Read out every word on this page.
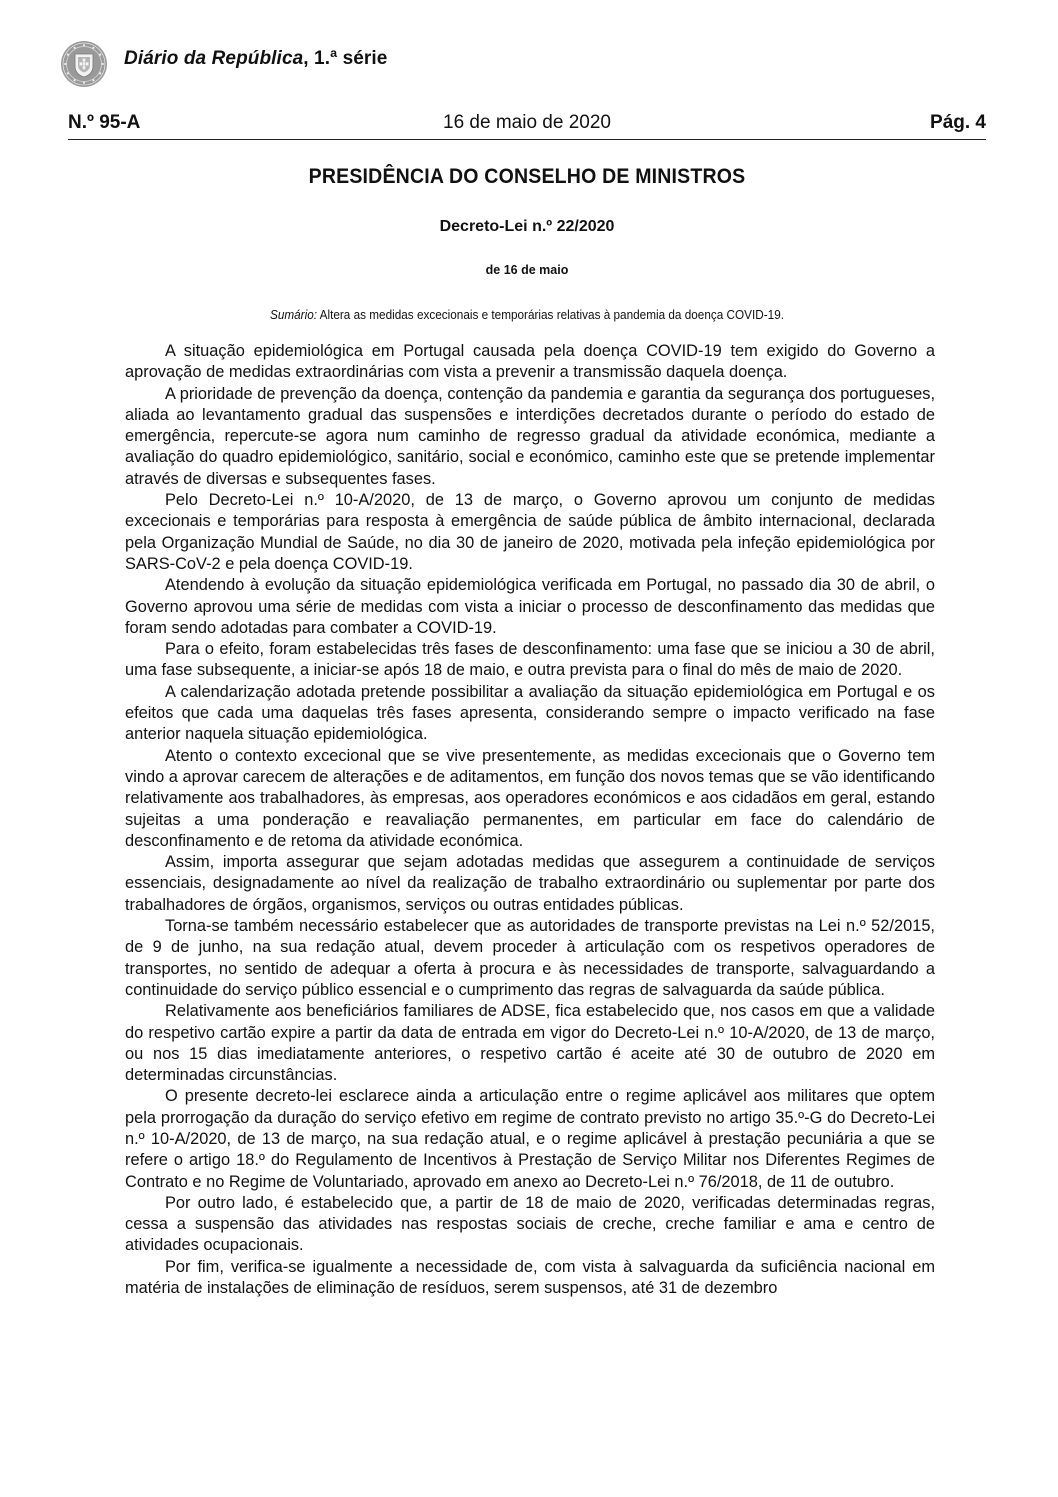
Diário da República, 1.ª série
16 de maio de 2020
N.º 95-A	Pág. 4
PRESIDÊNCIA DO CONSELHO DE MINISTROS
Decreto-Lei n.º 22/2020
de 16 de maio
Sumário: Altera as medidas excecionais e temporárias relativas à pandemia da doença COVID-19.

A situação epidemiológica em Portugal causada pela doença COVID-19 tem exigido do Governo a aprovação de medidas extraordinárias com vista a prevenir a transmissão daquela doença.

A prioridade de prevenção da doença, contenção da pandemia e garantia da segurança dos portugueses, aliada ao levantamento gradual das suspensões e interdições decretados durante o período do estado de emergência, repercute-se agora num caminho de regresso gradual da atividade económica, mediante a avaliação do quadro epidemiológico, sanitário, social e económico, caminho este que se pretende implementar através de diversas e subsequentes fases.

Pelo Decreto-Lei n.º 10-A/2020, de 13 de março, o Governo aprovou um conjunto de medidas excecionais e temporárias para resposta à emergência de saúde pública de âmbito internacional, declarada pela Organização Mundial de Saúde, no dia 30 de janeiro de 2020, motivada pela infeção epidemiológica por SARS-CoV-2 e pela doença COVID-19.

Atendendo à evolução da situação epidemiológica verificada em Portugal, no passado dia 30 de abril, o Governo aprovou uma série de medidas com vista a iniciar o processo de desconfinamento das medidas que foram sendo adotadas para combater a COVID-19.

Para o efeito, foram estabelecidas três fases de desconfinamento: uma fase que se iniciou a 30 de abril, uma fase subsequente, a iniciar-se após 18 de maio, e outra prevista para o final do mês de maio de 2020.

A calendarização adotada pretende possibilitar a avaliação da situação epidemiológica em Portugal e os efeitos que cada uma daquelas três fases apresenta, considerando sempre o impacto verificado na fase anterior naquela situação epidemiológica.

Atento o contexto excecional que se vive presentemente, as medidas excecionais que o Governo tem vindo a aprovar carecem de alterações e de aditamentos, em função dos novos temas que se vão identificando relativamente aos trabalhadores, às empresas, aos operadores económicos e aos cidadãos em geral, estando sujeitas a uma ponderação e reavaliação permanentes, em particular em face do calendário de desconfinamento e de retoma da atividade económica.

Assim, importa assegurar que sejam adotadas medidas que assegurem a continuidade de serviços essenciais, designadamente ao nível da realização de trabalho extraordinário ou suplementar por parte dos trabalhadores de órgãos, organismos, serviços ou outras entidades públicas.

Torna-se também necessário estabelecer que as autoridades de transporte previstas na Lei n.º 52/2015, de 9 de junho, na sua redação atual, devem proceder à articulação com os respetivos operadores de transportes, no sentido de adequar a oferta à procura e às necessidades de transporte, salvaguardando a continuidade do serviço público essencial e o cumprimento das regras de salvaguarda da saúde pública.

Relativamente aos beneficiários familiares de ADSE, fica estabelecido que, nos casos em que a validade do respetivo cartão expire a partir da data de entrada em vigor do Decreto-Lei n.º 10-A/2020, de 13 de março, ou nos 15 dias imediatamente anteriores, o respetivo cartão é aceite até 30 de outubro de 2020 em determinadas circunstâncias.

O presente decreto-lei esclarece ainda a articulação entre o regime aplicável aos militares que optem pela prorrogação da duração do serviço efetivo em regime de contrato previsto no artigo 35.º-G do Decreto-Lei n.º 10-A/2020, de 13 de março, na sua redação atual, e o regime aplicável à prestação pecuniária a que se refere o artigo 18.º do Regulamento de Incentivos à Prestação de Serviço Militar nos Diferentes Regimes de Contrato e no Regime de Voluntariado, aprovado em anexo ao Decreto-Lei n.º 76/2018, de 11 de outubro.

Por outro lado, é estabelecido que, a partir de 18 de maio de 2020, verificadas determinadas regras, cessa a suspensão das atividades nas respostas sociais de creche, creche familiar e ama e centro de atividades ocupacionais.

Por fim, verifica-se igualmente a necessidade de, com vista à salvaguarda da suficiência nacional em matéria de instalações de eliminação de resíduos, serem suspensos, até 31 de dezembro
